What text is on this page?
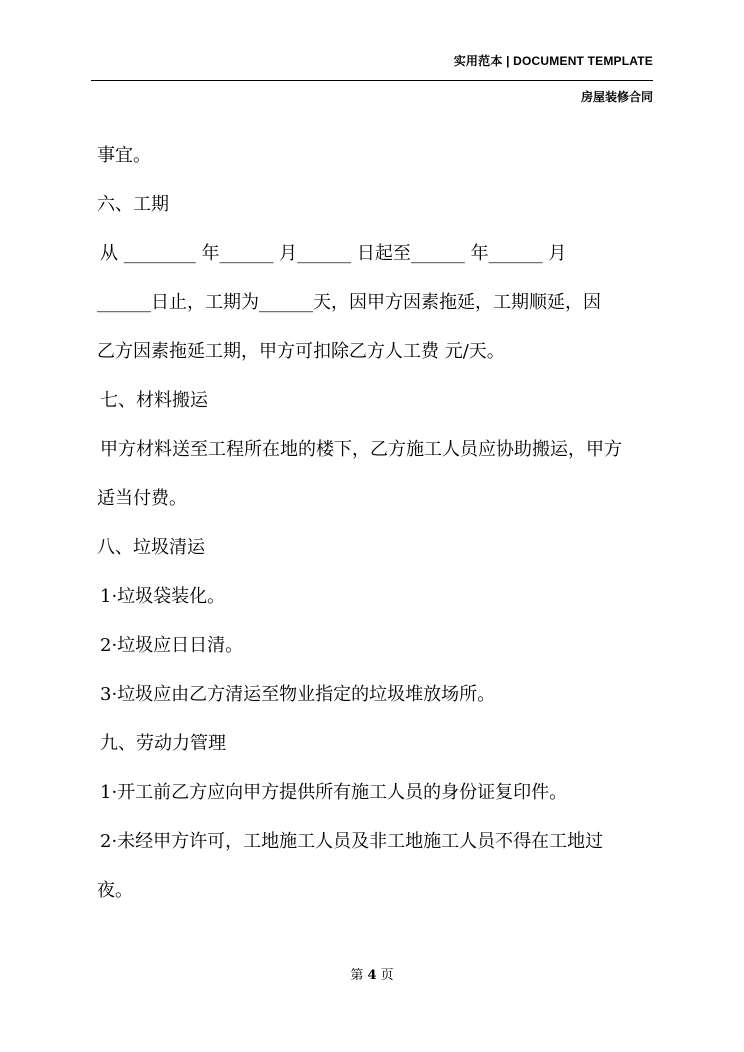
实用范本 | DOCUMENT TEMPLATE
房屋装修合同
事宜。
六、工期
从 ________ 年______ 月______ 日起至______ 年______ 月
______日止，工期为______天，因甲方因素拖延，工期顺延，因
乙方因素拖延工期，甲方可扣除乙方人工费 元/天。
七、材料搬运
甲方材料送至工程所在地的楼下，乙方施工人员应协助搬运，甲方
适当付费。
八、垃圾清运
1·垃圾袋装化。
2·垃圾应日日清。
3·垃圾应由乙方清运至物业指定的垃圾堆放场所。
九、劳动力管理
1·开工前乙方应向甲方提供所有施工人员的身份证复印件。
2·未经甲方许可，工地施工人员及非工地施工人员不得在工地过
夜。
第 4 页
